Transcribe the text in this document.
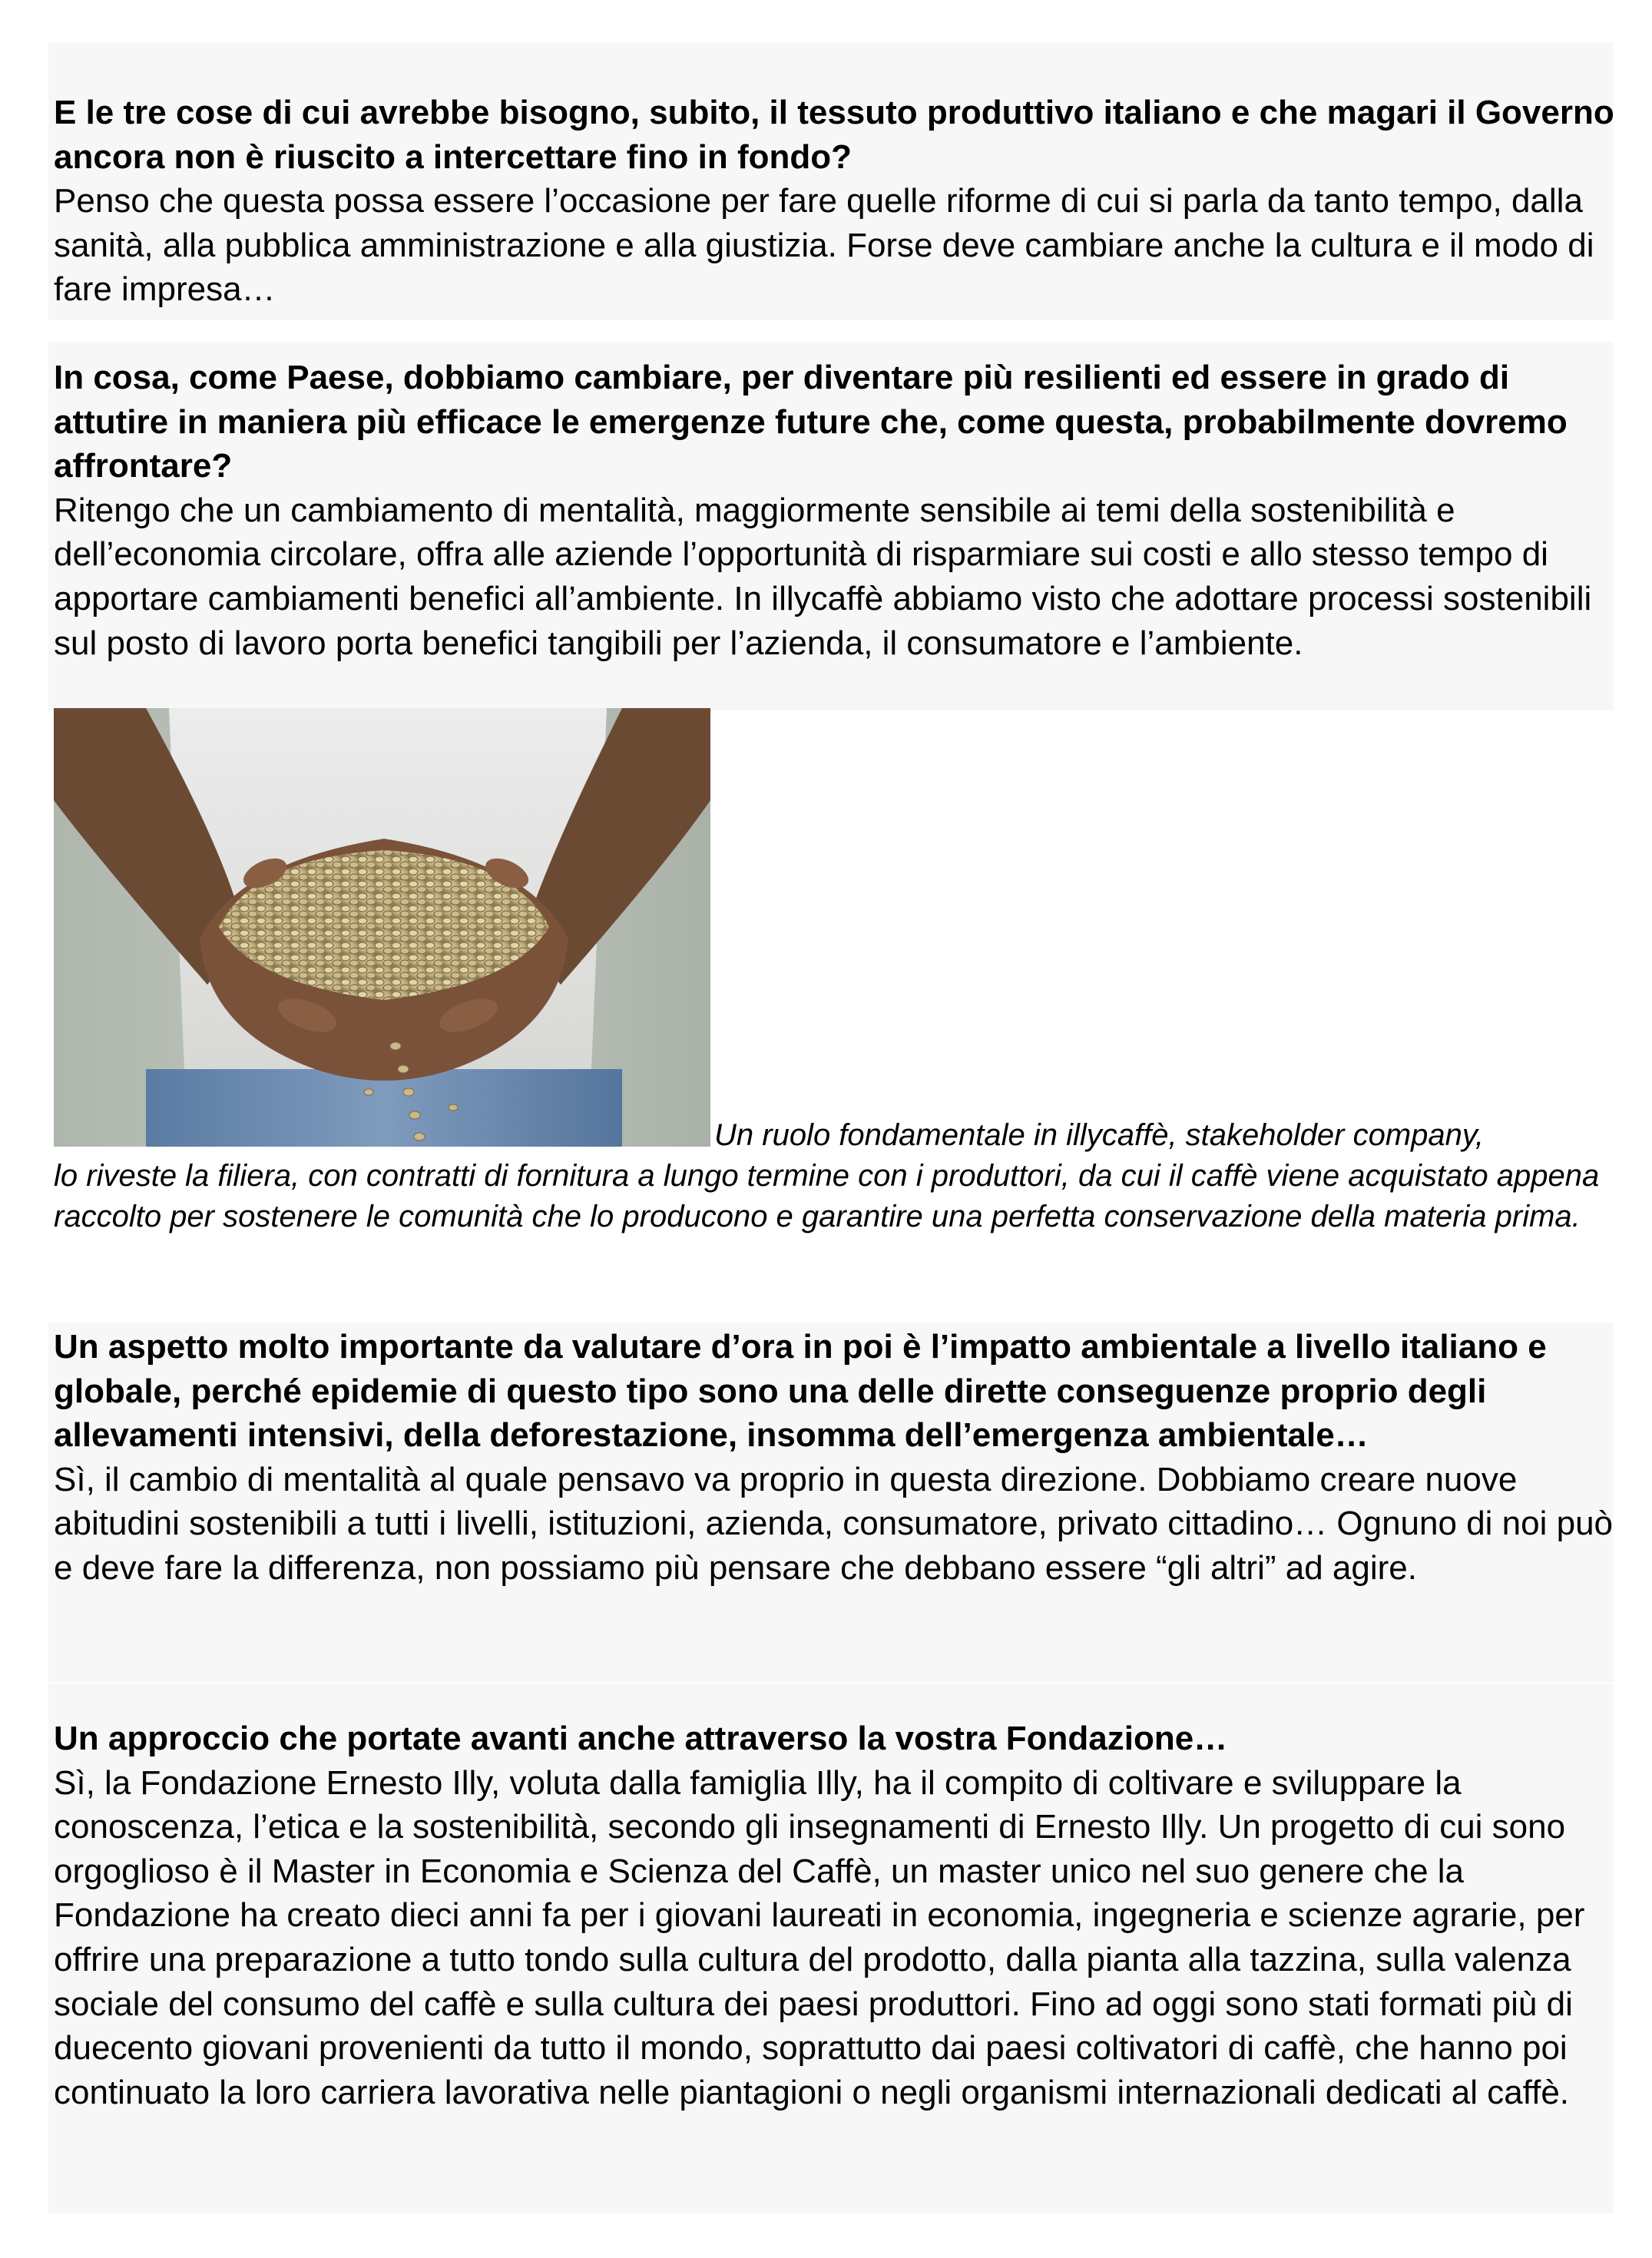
E le tre cose di cui avrebbe bisogno, subito, il tessuto produttivo italiano e che magari il Governo ancora non è riuscito a intercettare fino in fondo?
Penso che questa possa essere l’occasione per fare quelle riforme di cui si parla da tanto tempo, dalla sanità, alla pubblica amministrazione e alla giustizia. Forse deve cambiare anche la cultura e il modo di fare impresa…
In cosa, come Paese, dobbiamo cambiare, per diventare più resilienti ed essere in grado di attutire in maniera più efficace le emergenze future che, come questa, probabilmente dovremo affrontare?
Ritengo che un cambiamento di mentalità, maggiormente sensibile ai temi della sostenibilità e dell’economia circolare, offra alle aziende l’opportunità di risparmiare sui costi e allo stesso tempo di apportare cambiamenti benefici all’ambiente. In illycaffè abbiamo visto che adottare processi sostenibili sul posto di lavoro porta benefici tangibili per l’azienda, il consumatore e l’ambiente.
Un ruolo fondamentale in illycaffè, stakeholder company,
lo riveste la filiera, con contratti di fornitura a lungo termine con i produttori, da cui il caffè viene acquistato appena raccolto per sostenere le comunità che lo producono e garantire una perfetta conservazione della materia prima.
Un aspetto molto importante da valutare d’ora in poi è l’impatto ambientale a livello italiano e globale, perché epidemie di questo tipo sono una delle dirette conseguenze proprio degli allevamenti intensivi, della deforestazione, insomma dell’emergenza ambientale…
Sì, il cambio di mentalità al quale pensavo va proprio in questa direzione. Dobbiamo creare nuove abitudini sostenibili a tutti i livelli, istituzioni, azienda, consumatore, privato cittadino… Ognuno di noi può e deve fare la differenza, non possiamo più pensare che debbano essere “gli altri” ad agire.
Un approccio che portate avanti anche attraverso la vostra Fondazione…
Sì, la Fondazione Ernesto Illy, voluta dalla famiglia Illy, ha il compito di coltivare e sviluppare la conoscenza, l’etica e la sostenibilità, secondo gli insegnamenti di Ernesto Illy. Un progetto di cui sono orgoglioso è il Master in Economia e Scienza del Caffè, un master unico nel suo genere che la Fondazione ha creato dieci anni fa per i giovani laureati in economia, ingegneria e scienze agrarie, per offrire una preparazione a tutto tondo sulla cultura del prodotto, dalla pianta alla tazzina, sulla valenza sociale del consumo del caffè e sulla cultura dei paesi produttori. Fino ad oggi sono stati formati più di duecento giovani provenienti da tutto il mondo, soprattutto dai paesi coltivatori di caffè, che hanno poi continuato la loro carriera lavorativa nelle piantagioni o negli organismi internazionali dedicati al caffè.
